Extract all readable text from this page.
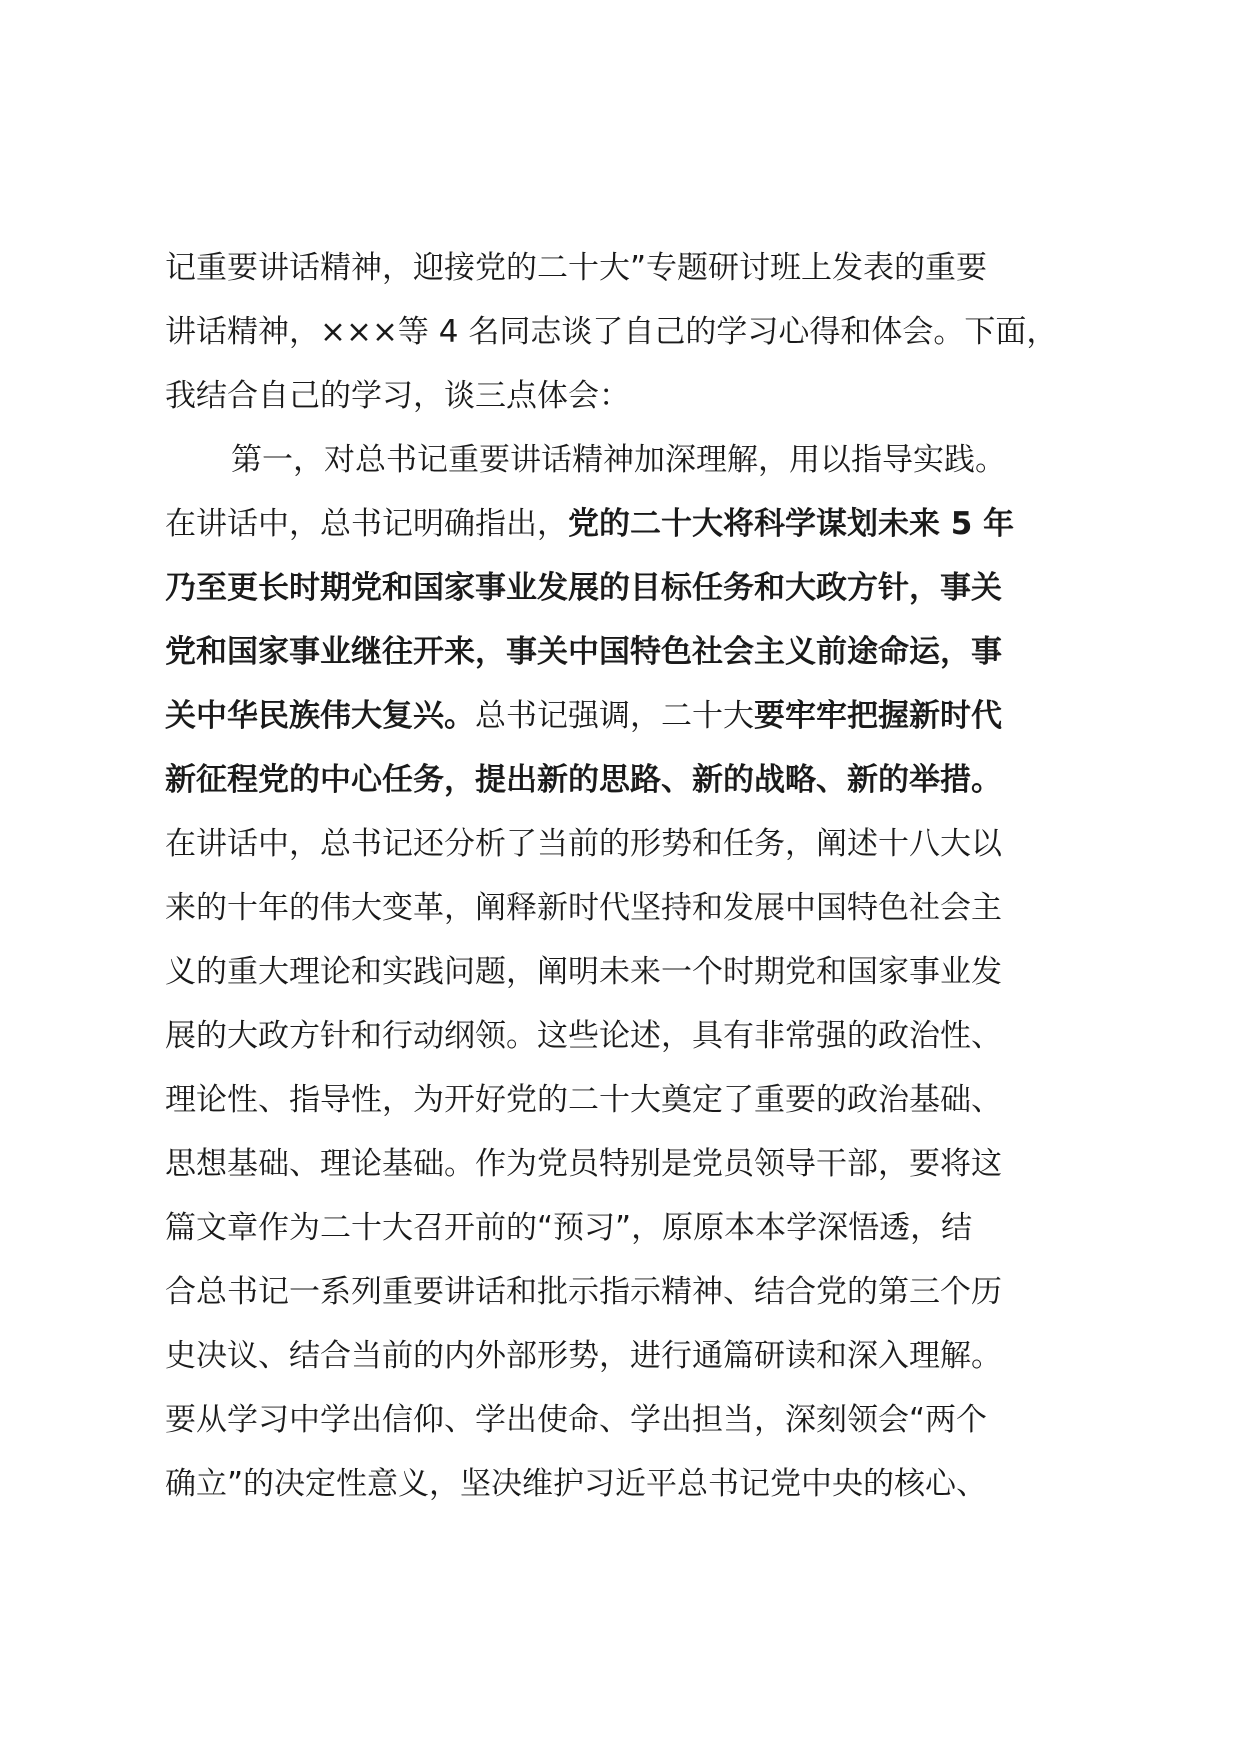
记重要讲话精神，迎接党的二十大”专题研讨班上发表的重要
讲话精神，×××等 4 名同志谈了自己的学习心得和体会。下面，
我结合自己的学习，谈三点体会：
第一，对总书记重要讲话精神加深理解，用以指导实践。
在讲话中，总书记明确指出，党的二十大将科学谋划未来 5 年
乃至更长时期党和国家事业发展的目标任务和大政方针，事关
党和国家事业继往开来，事关中国特色社会主义前途命运，事
关中华民族伟大复兴。总书记强调，二十大要牢牢把握新时代
新征程党的中心任务，提出新的思路、新的战略、新的举措。
在讲话中，总书记还分析了当前的形势和任务，阐述十八大以
来的十年的伟大变革，阐释新时代坚持和发展中国特色社会主
义的重大理论和实践问题，阐明未来一个时期党和国家事业发
展的大政方针和行动纲领。这些论述，具有非常强的政治性、
理论性、指导性，为开好党的二十大奠定了重要的政治基础、
思想基础、理论基础。作为党员特别是党员领导干部，要将这
篇文章作为二十大召开前的“预习”，原原本本学深悟透，结
合总书记一系列重要讲话和批示指示精神、结合党的第三个历
史决议、结合当前的内外部形势，进行通篇研读和深入理解。
要从学习中学出信仰、学出使命、学出担当，深刻领会“两个
确立”的决定性意义，坚决维护习近平总书记党中央的核心、
